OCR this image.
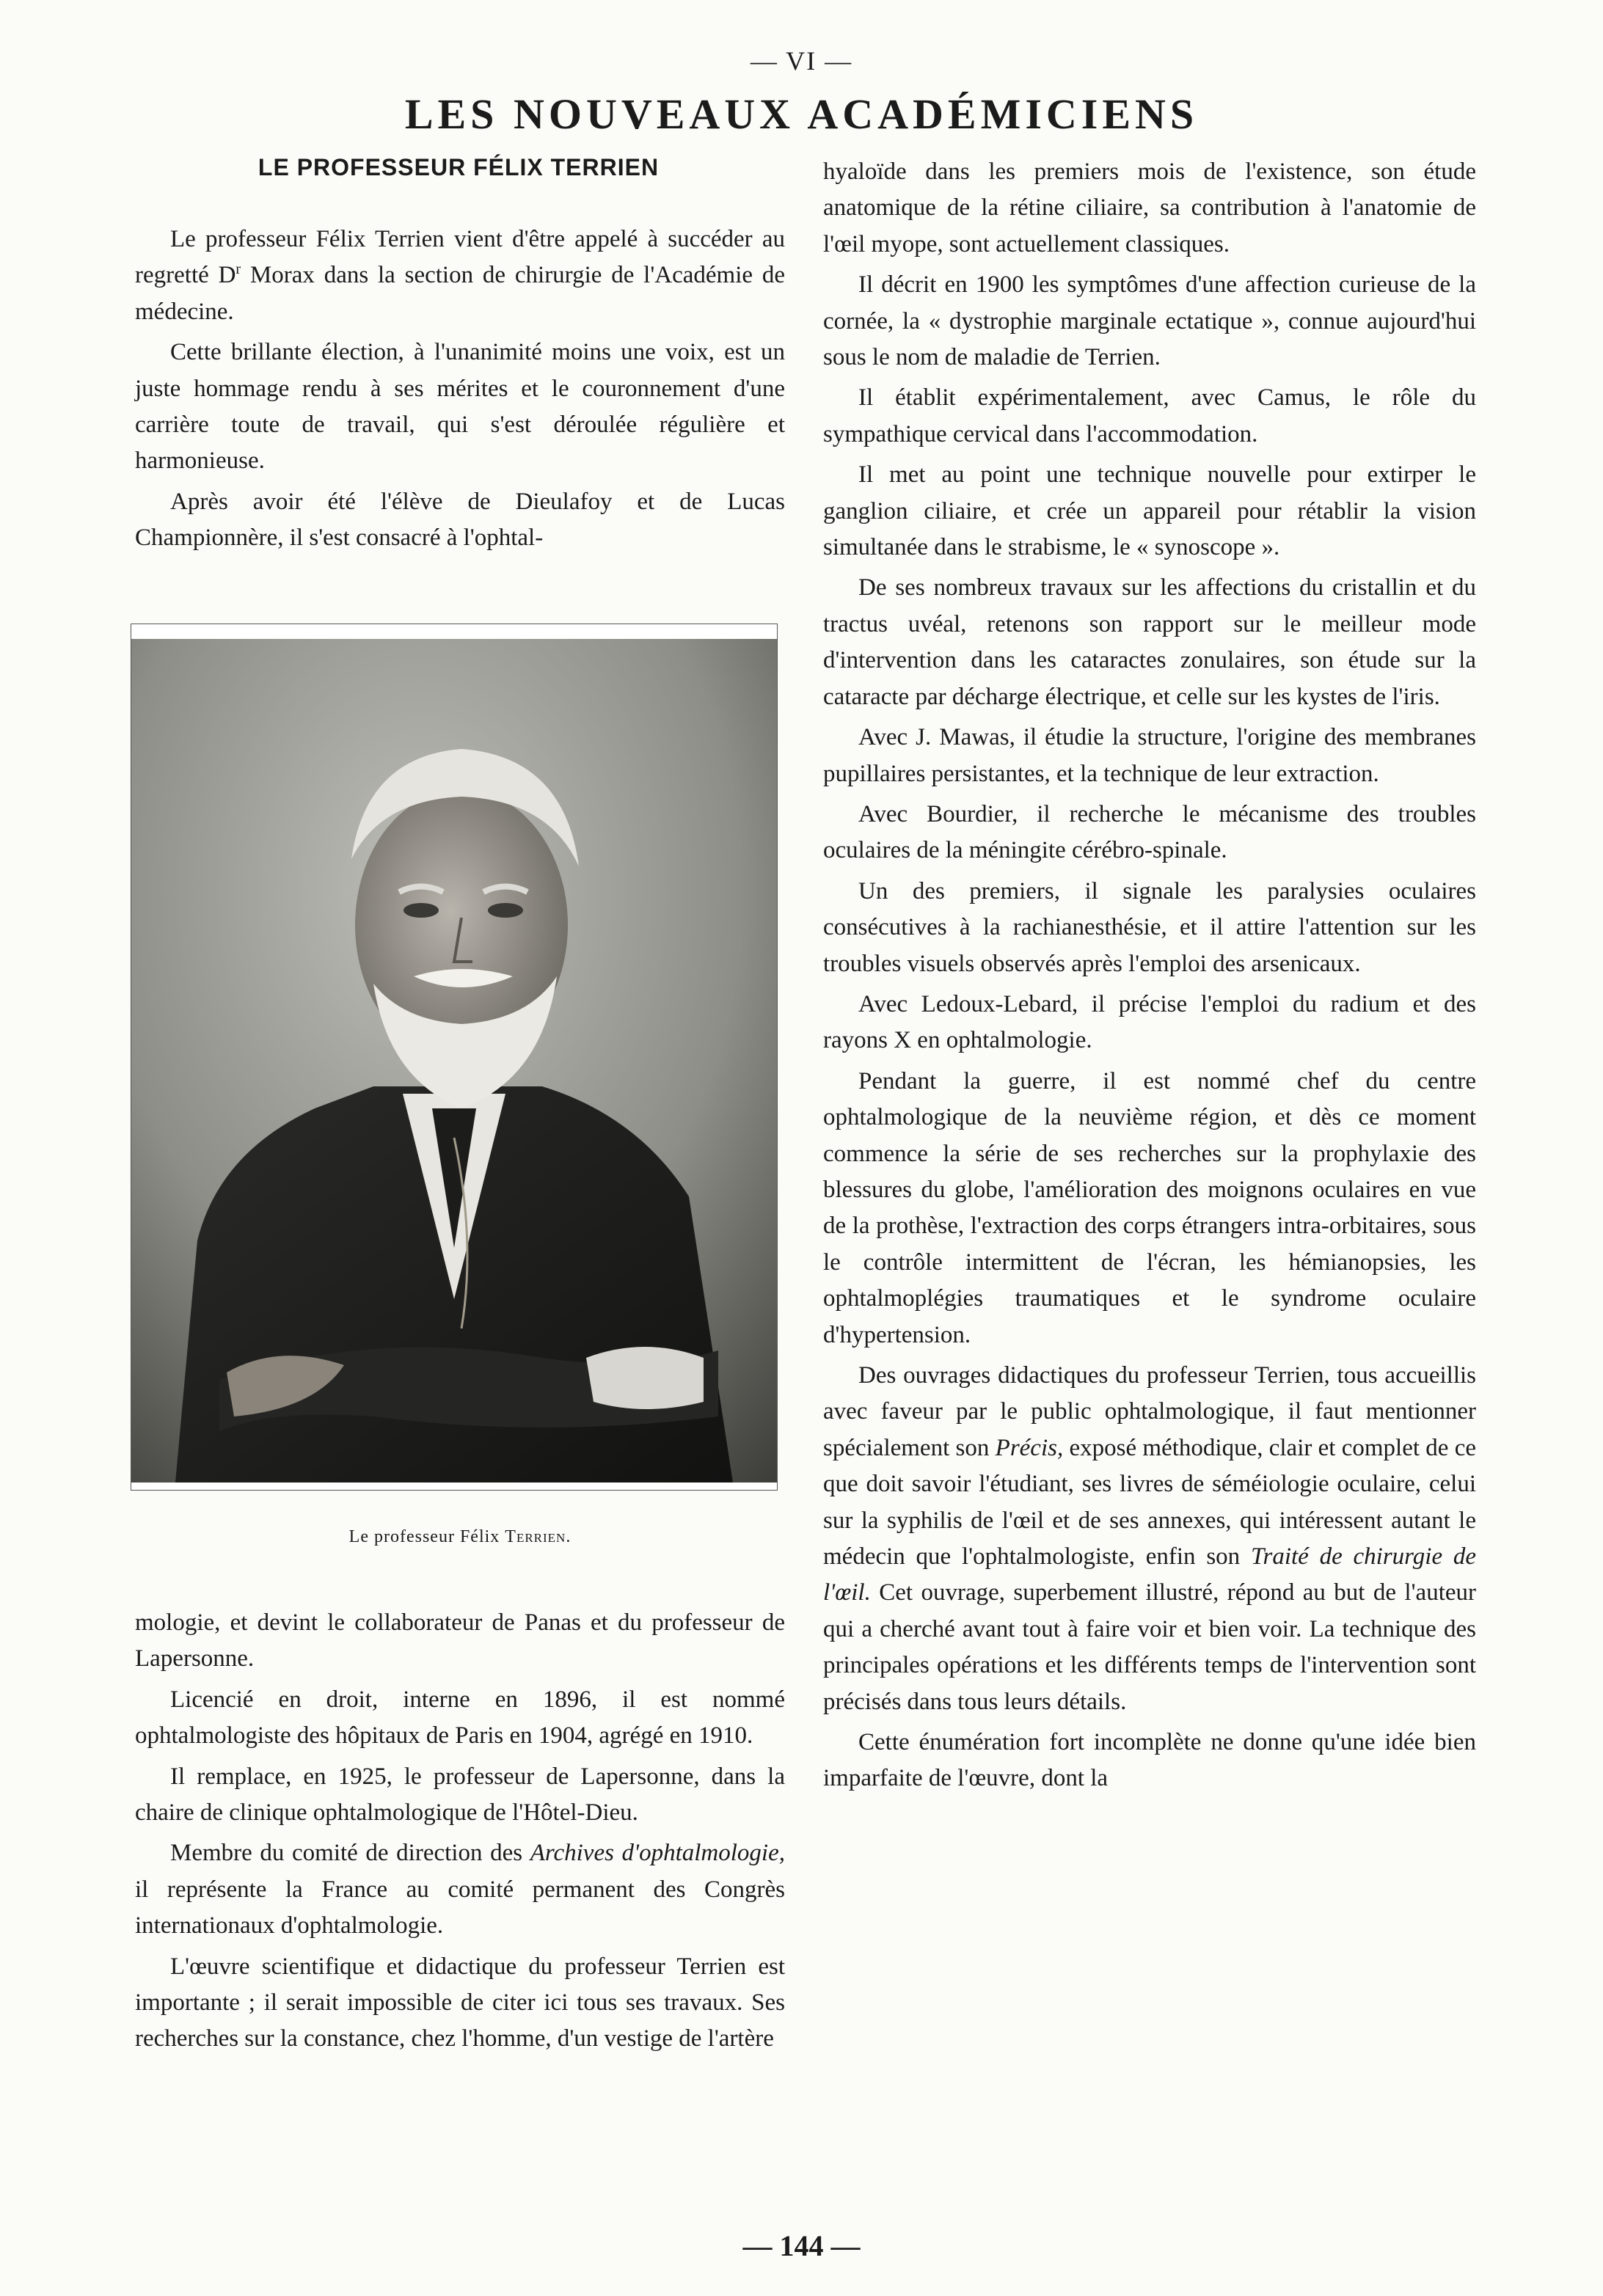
— VI —
LES NOUVEAUX ACADÉMICIENS
LE PROFESSEUR FÉLIX TERRIEN

Le professeur Félix Terrien vient d'être appelé à succéder au regretté $D^r$ Morax dans la section de chirurgie de l'Académie de médecine.

Cette brillante élection, à l'unanimité moins une voix, est un juste hommage rendu à ses mérites et le couronnement d'une carrière toute de travail, qui s'est déroulée régulière et harmonieuse.

Après avoir été l'élève de Dieulafoy et de Lucas Championnère, il s'est consacré à l'ophtal-

Le professeur Félix Terrien.

mologie, et devint le collaborateur de Panas et du professeur de Lapersonne.

Licencié en droit, interne en 1896, il est nommé ophtalmologiste des hôpitaux de Paris en 1904, agrégé en 1910.

Il remplace, en 1925, le professeur de Lapersonne, dans la chaire de clinique ophtalmologique de l'Hôtel-Dieu.

Membre du comité de direction des Archives d'ophtalmologie, il représente la France au comité permanent des Congrès internationaux d'ophtalmologie.

L'œuvre scientifique et didactique du professeur Terrien est importante ; il serait impossible de citer ici tous ses travaux. Ses recherches sur la constance, chez l'homme, d'un vestige de l'artère

hyaloïde dans les premiers mois de l'existence, son étude anatomique de la rétine ciliaire, sa contribution à l'anatomie de l'œil myope, sont actuellement classiques.

Il décrit en 1900 les symptômes d'une affection curieuse de la cornée, la « dystrophie marginale ectatique », connue aujourd'hui sous le nom de maladie de Terrien.

Il établit expérimentalement, avec Camus, le rôle du sympathique cervical dans l'accommodation.

Il met au point une technique nouvelle pour extirper le ganglion ciliaire, et crée un appareil pour rétablir la vision simultanée dans le strabisme, le « synoscope ».

De ses nombreux travaux sur les affections du cristallin et du tractus uvéal, retenons son rapport sur le meilleur mode d'intervention dans les cataractes zonulaires, son étude sur la cataracte par décharge électrique, et celle sur les kystes de l'iris.

Avec J. Mawas, il étudie la structure, l'origine des membranes pupillaires persistantes, et la technique de leur extraction.

Avec Bourdier, il recherche le mécanisme des troubles oculaires de la méningite cérébro-spinale.

Un des premiers, il signale les paralysies oculaires consécutives à la rachianesthésie, et il attire l'attention sur les troubles visuels observés après l'emploi des arsenicaux.

Avec Ledoux-Lebard, il précise l'emploi du radium et des rayons X en ophtalmologie.

Pendant la guerre, il est nommé chef du centre ophtalmologique de la neuvième région, et dès ce moment commence la série de ses recherches sur la prophylaxie des blessures du globe, l'amélioration des moignons oculaires en vue de la prothèse, l'extraction des corps étrangers intra-orbitaires, sous le contrôle intermittent de l'écran, les hémianopsies, les ophtalmoplégies traumatiques et le syndrome oculaire d'hypertension.

Des ouvrages didactiques du professeur Terrien, tous accueillis avec faveur par le public ophtalmologique, il faut mentionner spécialement son Précis, exposé méthodique, clair et complet de ce que doit savoir l'étudiant, ses livres de séméiologie oculaire, celui sur la syphilis de l'œil et de ses annexes, qui intéressent autant le médecin que l'ophtalmologiste, enfin son Traité de chirurgie de l'œil. Cet ouvrage, superbement illustré, répond au but de l'auteur qui a cherché avant tout à faire voir et bien voir. La technique des principales opérations et les différents temps de l'intervention sont précisés dans tous leurs détails.

Cette énumération fort incomplète ne donne qu'une idée bien imparfaite de l'œuvre, dont la

— 144 —
